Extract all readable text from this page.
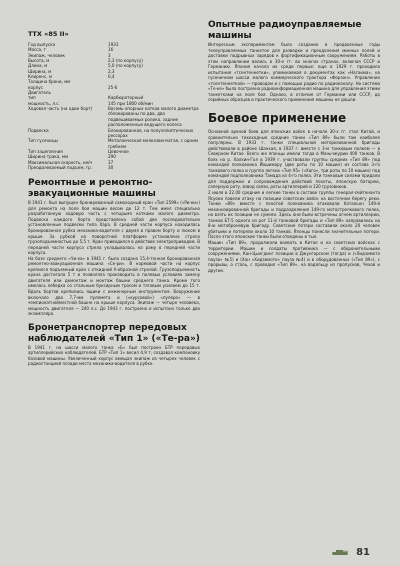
ТТХ «85 II»
Год выпуска	1931
Масса, т	16
Экипаж, человек	3
Высота, м	2,3 (по корпусу)
Длина, м	5,0 (по корпусу)
Ширина, м	2,3
Клиренс, м	0,4
Толщина брони, мм
корпус	25-6
Двигатель
тип	Карбюраторный
мощность, л.с.	145 при 1800 об/мин
Ходовая часть (на один борт)	Восемь опорных катков малого диаметра сблокированы по два, два подвешиваемых ролика, задние расположенные ведущего колеса
Подвеска	Блокированная, на полуэллиптических рессорах
Тип гусеницы	Металлическая мелкозвенчатая, с одним гребнем
Тип зацепления	Цевочное
Ширина трака, мм	290
Максимальная скорость, км/ч	37
Преодолеваемый подъем, гр.	30
Ремонтные и ремонтно-эвакуационные машины

В 1941 г. был выпущен бронированный самоходный кран «Тип 2599» («Ри-ки») для ремонта на поле боя машин весом до 12 т. Тем имел специально разработанную ходовую часть с четырьмя катками малого диаметра. Подвеска каждого борта представлена собой две последовательно установленные подвески типа Хара. В средней части корпуса находилась бронированная рубка механика-водителя с двумя в правом борту и люком в крыше. За рубкой на поворотной платформе установлена стрела грузоподъемностью до 5,5 т. Кран приводился в действие электроприводом. В передней части корпуса стрела укладывалась на раму в передней части корпуса.

На базе среднего «Чи-ха» в 1941 г. была создана 15,4-тонная бронированная ремонтно-эвакуационная машина «Се-ри». В кормовой части на корпус крепился подъемный кран с откидной А-образной стрелой. Грузоподъемность крана достигала 5 т и позволяла производить в полевых условиях замену двигателя или демонтаж и монтаж башни среднего танка. Кроме того имелась лебедка со стальным буксирным тросом и тяговым усилием до 15 т. Вдоль бортов крепились ящики с инженерным инструментом. Вооружение включало два 7,7-мм пулемета и («курсовой») «пулеро» — в чемпионатнойместной башне на крыше корпуса. Экипаж — четыре человека, мощность двигателя — 240 л.с. До 1943 г. построено и испытано только два экземпляра.

Бронетранспортер передовых наблюдателей «Тип 1» («Те-ра»)

В 1941 г. на шасси малого танка «Б» был построен БТР передовых артиллерийских наблюдателей. БТР «Тип 1» весил 4,9 т, создавал компоновку базовой машины. Увеличенный корпус вмещал экипаж из четырех человек с радиостанцией позади места механика-водителя в рубке.

Опытные радиоуправляемые машины

Интересным экспериментом было создание в предвоенные годы телеуправляемых танкеток для разведки и преодоления минных полей и доставки подрывных зарядов к фортификационным сооружениям. Работы в этом направлении велись в 30-е гг. во многих странах, включая СССР и Германию. Япония начала их среди первых: еще в 1929 г. проходила испытания «тсентеннетки», упоминаемая в документах как «Нагаима», на гусеничном шасси малого коммерческого трактора «Форзон». Управление «тсентеннеткой» — проводом и с помощью радио по радиоканалу. Но система «Те-ке» была построена радиоинформационная машина для управления этими танкетками на поле боя. Однако, в отличие от Германии или СССР, до серийных образцов и практического применения машины не дошли.

Боевое применение

Основной ареной боев для японских войск в начале 30-х гг. стал Китай, и сравнительно тихоходные средние танки «Тип 89» были там наиболее популярны. В 1933 г. танки специальной моторизованной бригады действовали в районе Шанхая, в 1937 г. вместе с 3-м танковым полком — в Северном Китае. Всего же японцы имели тогда в Маньчжурии 400 танков. В боях на р. Халхин-Гол в 1939 г. участвовали группы средних «Тип 89» под командой полковника Йошимару (две роты по 10 машин) из состава 3-го танкового полка и группа легких «Тип 95» («Хаго», три роты по 10 машин) под командой подполковника Тамада из 4-го полка. Эти танковые силами придали для поддержки и сопровождения действий пехоты, японскую батарею, саперную роту, взвод связи, роты артиллерий и 120 грузовиков.

2 июля в 22.00 средние и легкие танки в составе группы генерал-лейтенанта Ясуоки повели атаку на позиции советских войск на восточном берегу реки. Танки «89» вместе с пехотой полковника атаковали батальон 149-й механизированной бригады и подразделения 149-го мотострелкового полка, но взять их позиции не сумели. Здесь они были встречены огнем артиллерии, танков БТ-5 одного из рот 11-й танковой бригады и «Тип 89» направились на 8-ю мотоброневую бригаду. Советские потери составили около 20 человек убитыми и потеряли около 10 танков. Японцы понесли значительные потери. После этого японские танки были отведены в тыл.

Машин «Тип 89», продолжали воевать в Китае и на советских войсках с территории. Машин и солдаты противника — с оборонительными сооружениями, Кан-Цынгдинг позиции в Джунгарском (тогда) и («Хидзимото пауза» №5) и (Хан «Хидзимото» пауза №4) и в оборудованных («Тип 89»), с прорывы, о сталь, с проводил «Тип 89», на вадяльцу из пропусков, Чехов и другие.

81
